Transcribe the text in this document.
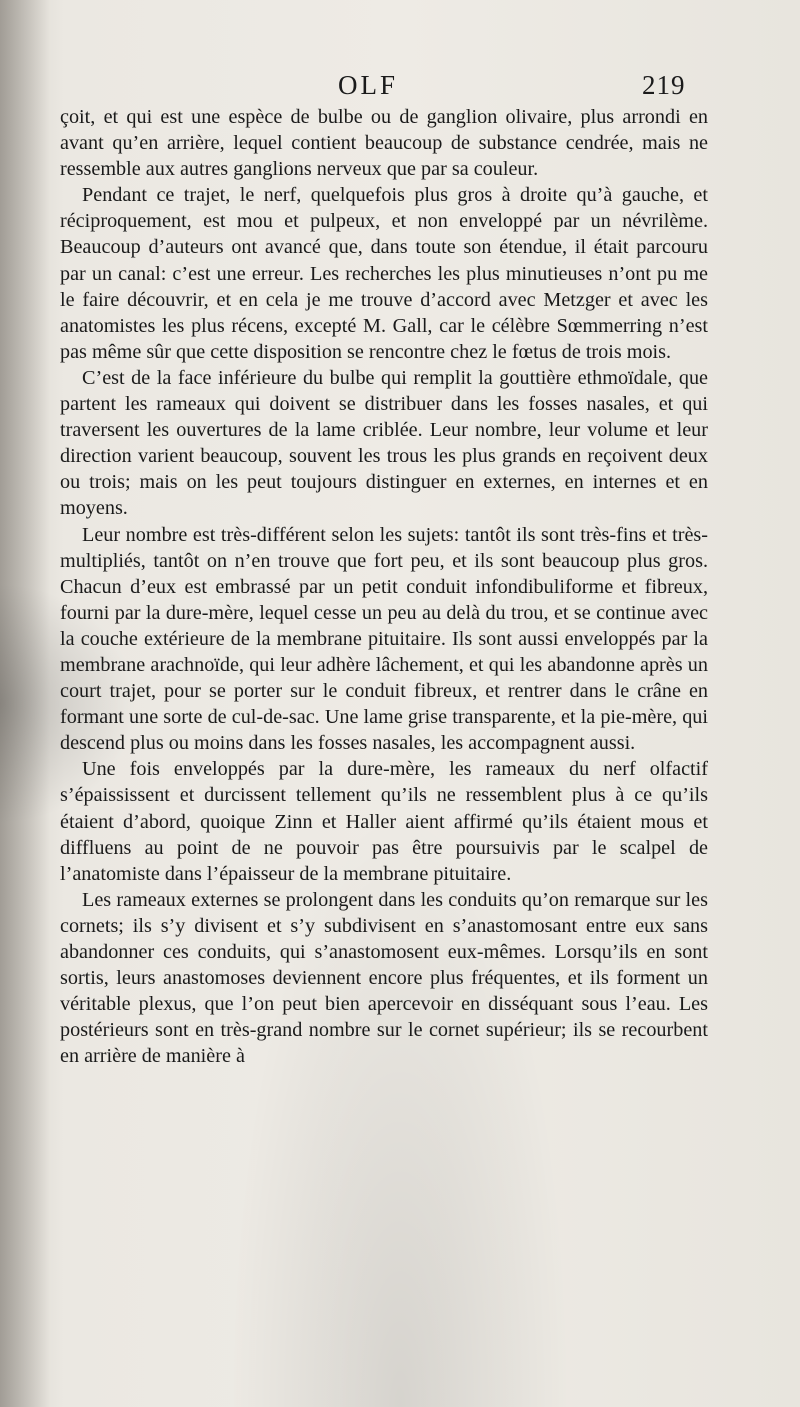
OLF	219

çoit, et qui est une espèce de bulbe ou de ganglion olivaire, plus arrondi en avant qu’en arrière, lequel contient beaucoup de substance cendrée, mais ne ressemble aux autres ganglions nerveux que par sa couleur.

Pendant ce trajet, le nerf, quelquefois plus gros à droite qu’à gauche, et réciproquement, est mou et pulpeux, et non enveloppé par un névrilème. Beaucoup d’auteurs ont avancé que, dans toute son étendue, il était parcouru par un canal: c’est une erreur. Les recherches les plus minutieuses n’ont pu me le faire découvrir, et en cela je me trouve d’accord avec Metzger et avec les anatomistes les plus récens, excepté M. Gall, car le célèbre Sœmmerring n’est pas même sûr que cette disposition se rencontre chez le fœtus de trois mois.

C’est de la face inférieure du bulbe qui remplit la gouttière ethmoïdale, que partent les rameaux qui doivent se distribuer dans les fosses nasales, et qui traversent les ouvertures de la lame criblée. Leur nombre, leur volume et leur direction varient beaucoup, souvent les trous les plus grands en reçoivent deux ou trois; mais on les peut toujours distinguer en externes, en internes et en moyens.

Leur nombre est très-différent selon les sujets: tantôt ils sont très-fins et très-multipliés, tantôt on n’en trouve que fort peu, et ils sont beaucoup plus gros. Chacun d’eux est embrassé par un petit conduit infondibuliforme et fibreux, fourni par la dure-mère, lequel cesse un peu au delà du trou, et se continue avec la couche extérieure de la membrane pituitaire. Ils sont aussi enveloppés par la membrane arachnoïde, qui leur adhère lâchement, et qui les abandonne après un court trajet, pour se porter sur le conduit fibreux, et rentrer dans le crâne en formant une sorte de cul-de-sac. Une lame grise transparente, et la pie-mère, qui descend plus ou moins dans les fosses nasales, les accompagnent aussi.

Une fois enveloppés par la dure-mère, les rameaux du nerf olfactif s’épaississent et durcissent tellement qu’ils ne ressemblent plus à ce qu’ils étaient d’abord, quoique Zinn et Haller aient affirmé qu’ils étaient mous et diffluens au point de ne pouvoir pas être poursuivis par le scalpel de l’anatomiste dans l’épaisseur de la membrane pituitaire.

Les rameaux externes se prolongent dans les conduits qu’on remarque sur les cornets; ils s’y divisent et s’y subdivisent en s’anastomosant entre eux sans abandonner ces conduits, qui s’anastomosent eux-mêmes. Lorsqu’ils en sont sortis, leurs anastomoses deviennent encore plus fréquentes, et ils forment un véritable plexus, que l’on peut bien apercevoir en disséquant sous l’eau. Les postérieurs sont en très-grand nombre sur le cornet supérieur; ils se recourbent en arrière de manière à
